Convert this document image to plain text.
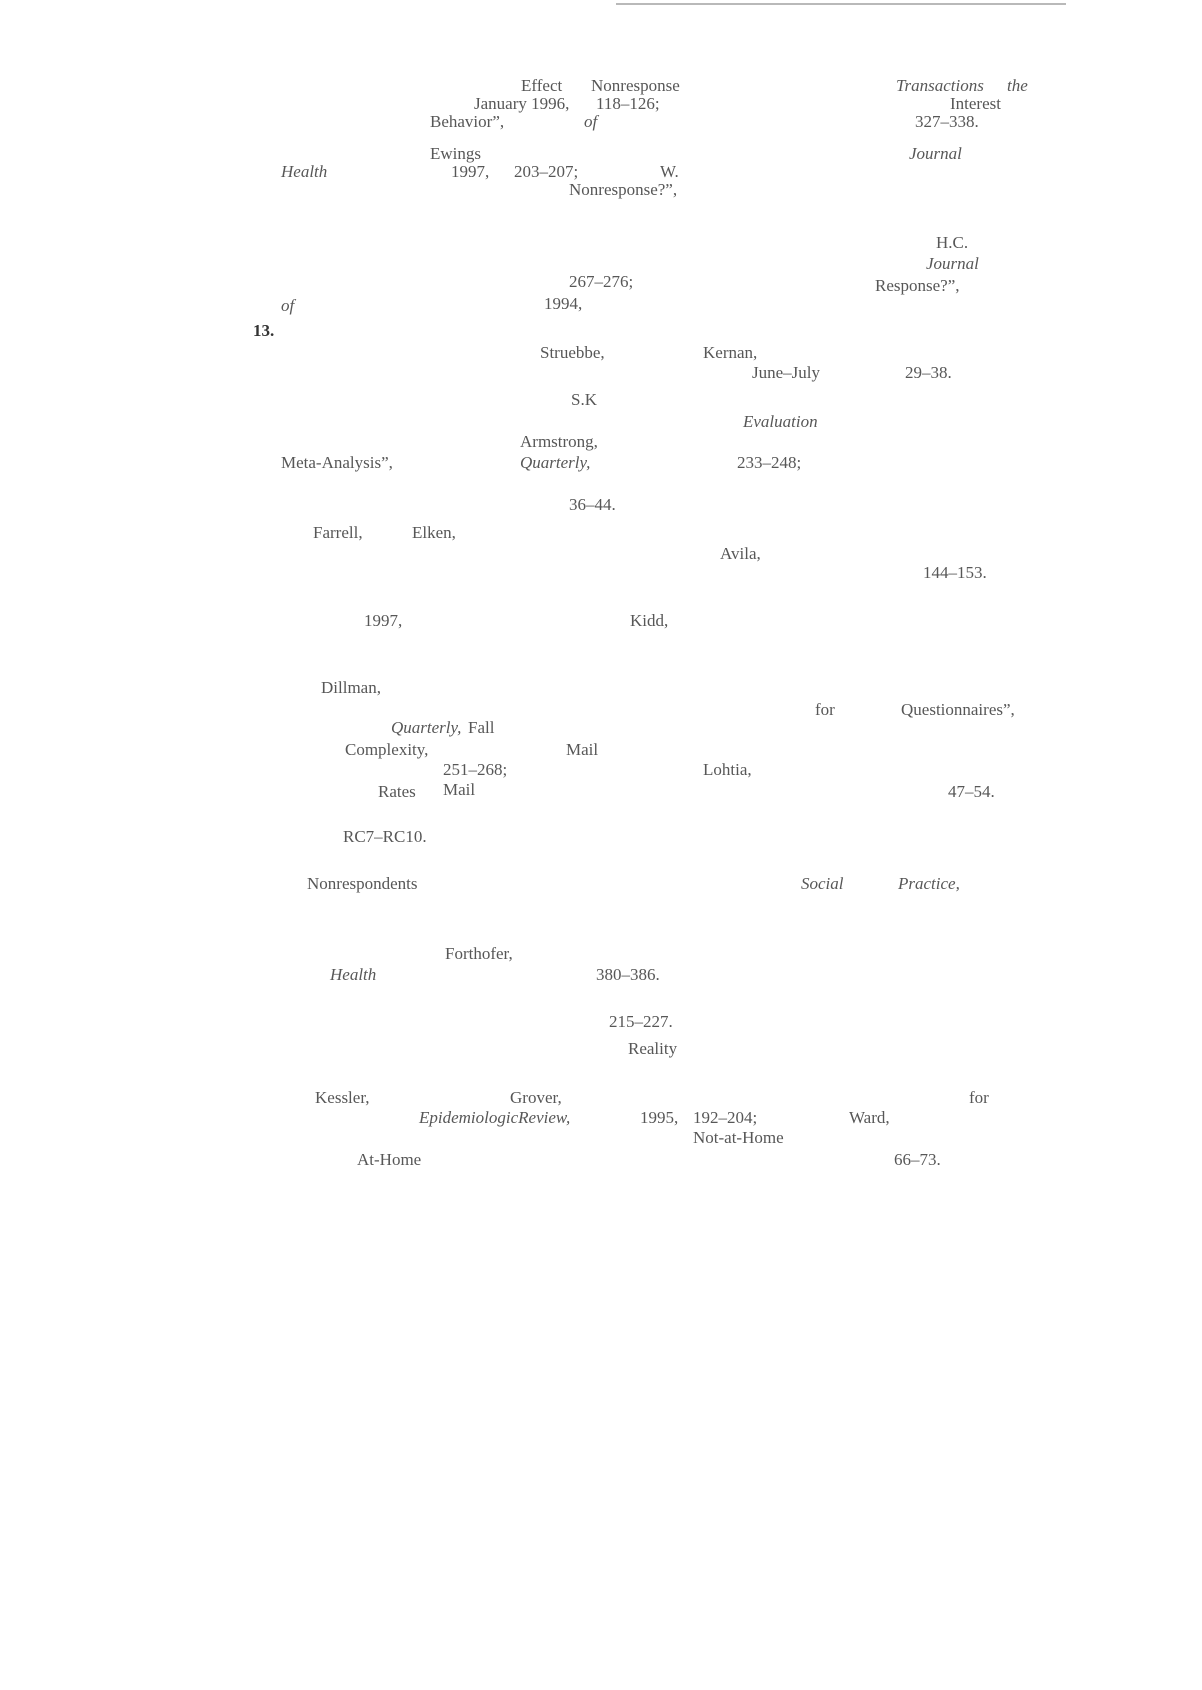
Effect Nonresponse
January 1996, 118–126;
Behavior”,	of
Ewings
1997, 203–207;	W.
Nonresponse?”,
Health
Transactions the
Interest
327–338.
Journal
H.C.
Journal
Response?”,
267–276;
1994,
of
13.
Struebbe,	Kernan,
June–July	29–38.
S.K
Evaluation
Armstrong,
Meta-Analysis”,	Quarterly,	233–248;
36–44.
Farrell,	Elken,
Avila,
144–153.
1997,	Kidd,
Dillman,
for	Questionnaires”,
Quarterly, Fall
Complexity,	Mail
251–268;	Lohtia,
Rates Mail	47–54.
RC7–RC10.
Nonrespondents	Social	Practice,
Forthofer,
Health	380–386.
215–227.
Reality
Kessler,	Grover,	for
EpidemiologicReview,	1995, 192–204;	Ward,
Not-at-Home
At-Home	66–73.
